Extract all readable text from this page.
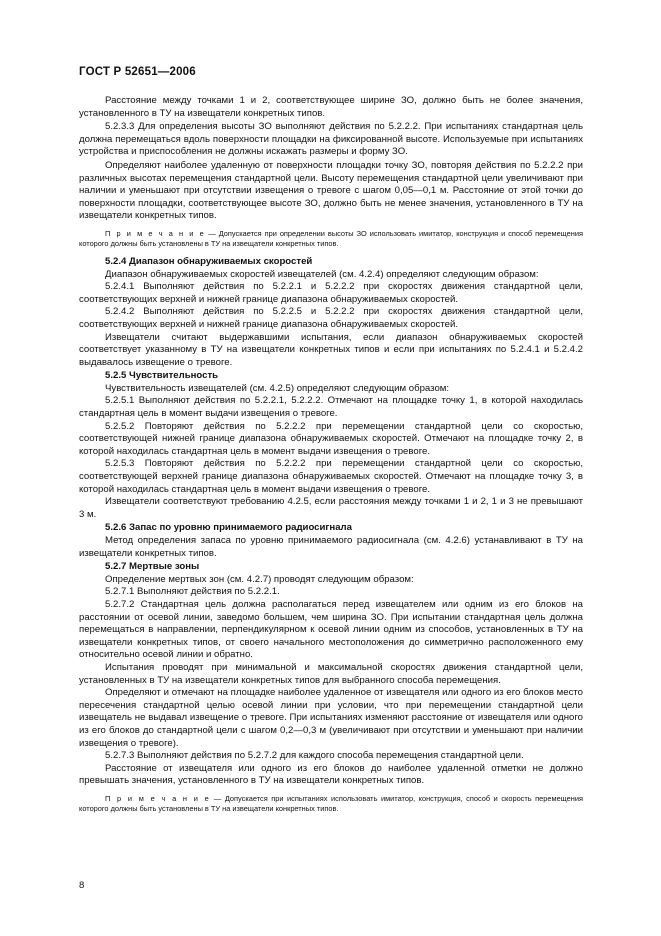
ГОСТ Р 52651—2006

Расстояние между точками 1 и 2, соответствующее ширине ЗО, должно быть не более значения, установленного в ТУ на извещатели конкретных типов.

5.2.3.3 Для определения высоты ЗО выполняют действия по 5.2.2.2. При испытаниях стандартная цель должна перемещаться вдоль поверхности площадки на фиксированной высоте. Используемые при испытаниях устройства и приспособления не должны искажать размеры и форму ЗО.

Определяют наиболее удаленную от поверхности площадки точку ЗО, повторяя действия по 5.2.2.2 при различных высотах перемещения стандартной цели. Высоту перемещения стандартной цели увеличивают при наличии и уменьшают при отсутствии извещения о тревоге с шагом 0,05—0,1 м. Расстояние от этой точки до поверхности площадки, соответствующее высоте ЗО, должно быть не менее значения, установленного в ТУ на извещатели конкретных типов.

П р и м е ч а н и е — Допускается при определении высоты ЗО использовать имитатор, конструкция и способ перемещения которого должны быть установлены в ТУ на извещатели конкретных типов.

5.2.4 Диапазон обнаруживаемых скоростей

Диапазон обнаруживаемых скоростей извещателей (см. 4.2.4) определяют следующим образом:

5.2.4.1 Выполняют действия по 5.2.2.1 и 5.2.2.2 при скоростях движения стандартной цели, соответствующих верхней и нижней границе диапазона обнаруживаемых скоростей.

5.2.4.2 Выполняют действия по 5.2.2.5 и 5.2.2.2 при скоростях движения стандартной цели, соответствующих верхней и нижней границе диапазона обнаруживаемых скоростей.

Извещатели считают выдержавшими испытания, если диапазон обнаруживаемых скоростей соответствует указанному в ТУ на извещатели конкретных типов и если при испытаниях по 5.2.4.1 и 5.2.4.2 выдавалось извещение о тревоге.

5.2.5 Чувствительность

Чувствительность извещателей (см. 4.2.5) определяют следующим образом:

5.2.5.1 Выполняют действия по 5.2.2.1, 5.2.2.2. Отмечают на площадке точку 1, в которой находилась стандартная цель в момент выдачи извещения о тревоге.

5.2.5.2 Повторяют действия по 5.2.2.2 при перемещении стандартной цели со скоростью, соответствующей нижней границе диапазона обнаруживаемых скоростей. Отмечают на площадке точку 2, в которой находилась стандартная цель в момент выдачи извещения о тревоге.

5.2.5.3 Повторяют действия по 5.2.2.2 при перемещении стандартной цели со скоростью, соответствующей верхней границе диапазона обнаруживаемых скоростей. Отмечают на площадке точку 3, в которой находилась стандартная цель в момент выдачи извещения о тревоге.

Извещатели соответствуют требованию 4.2.5, если расстояния между точками 1 и 2, 1 и 3 не превышают 3 м.

5.2.6 Запас по уровню принимаемого радиосигнала

Метод определения запаса по уровню принимаемого радиосигнала (см. 4.2.6) устанавливают в ТУ на извещатели конкретных типов.

5.2.7 Мертвые зоны

Определение мертвых зон (см. 4.2.7) проводят следующим образом:

5.2.7.1 Выполняют действия по 5.2.2.1.

5.2.7.2 Стандартная цель должна располагаться перед извещателем или одним из его блоков на расстоянии от осевой линии, заведомо большем, чем ширина ЗО. При испытании стандартная цель должна перемещаться в направлении, перпендикулярном к осевой линии одним из способов, установленных в ТУ на извещатели конкретных типов, от своего начального местоположения до симметрично расположенного ему относительно осевой линии и обратно.

Испытания проводят при минимальной и максимальной скоростях движения стандартной цели, установленных в ТУ на извещатели конкретных типов для выбранного способа перемещения.

Определяют и отмечают на площадке наиболее удаленное от извещателя или одного из его блоков место пересечения стандартной целью осевой линии при условии, что при перемещении стандартной цели извещатель не выдавал извещение о тревоге. При испытаниях изменяют расстояние от извещателя или одного из его блоков до стандартной цели с шагом 0,2—0,3 м (увеличивают при отсутствии и уменьшают при наличии извещения о тревоге).

5.2.7.3 Выполняют действия по 5.2.7.2 для каждого способа перемещения стандартной цели.

Расстояние от извещателя или одного из его блоков до наиболее удаленной отметки не должно превышать значения, установленного в ТУ на извещатели конкретных типов.

П р и м е ч а н и е — Допускается при испытаниях использовать имитатор, конструкция, способ и скорость перемещения которого должны быть установлены в ТУ на извещатели конкретных типов.

8
